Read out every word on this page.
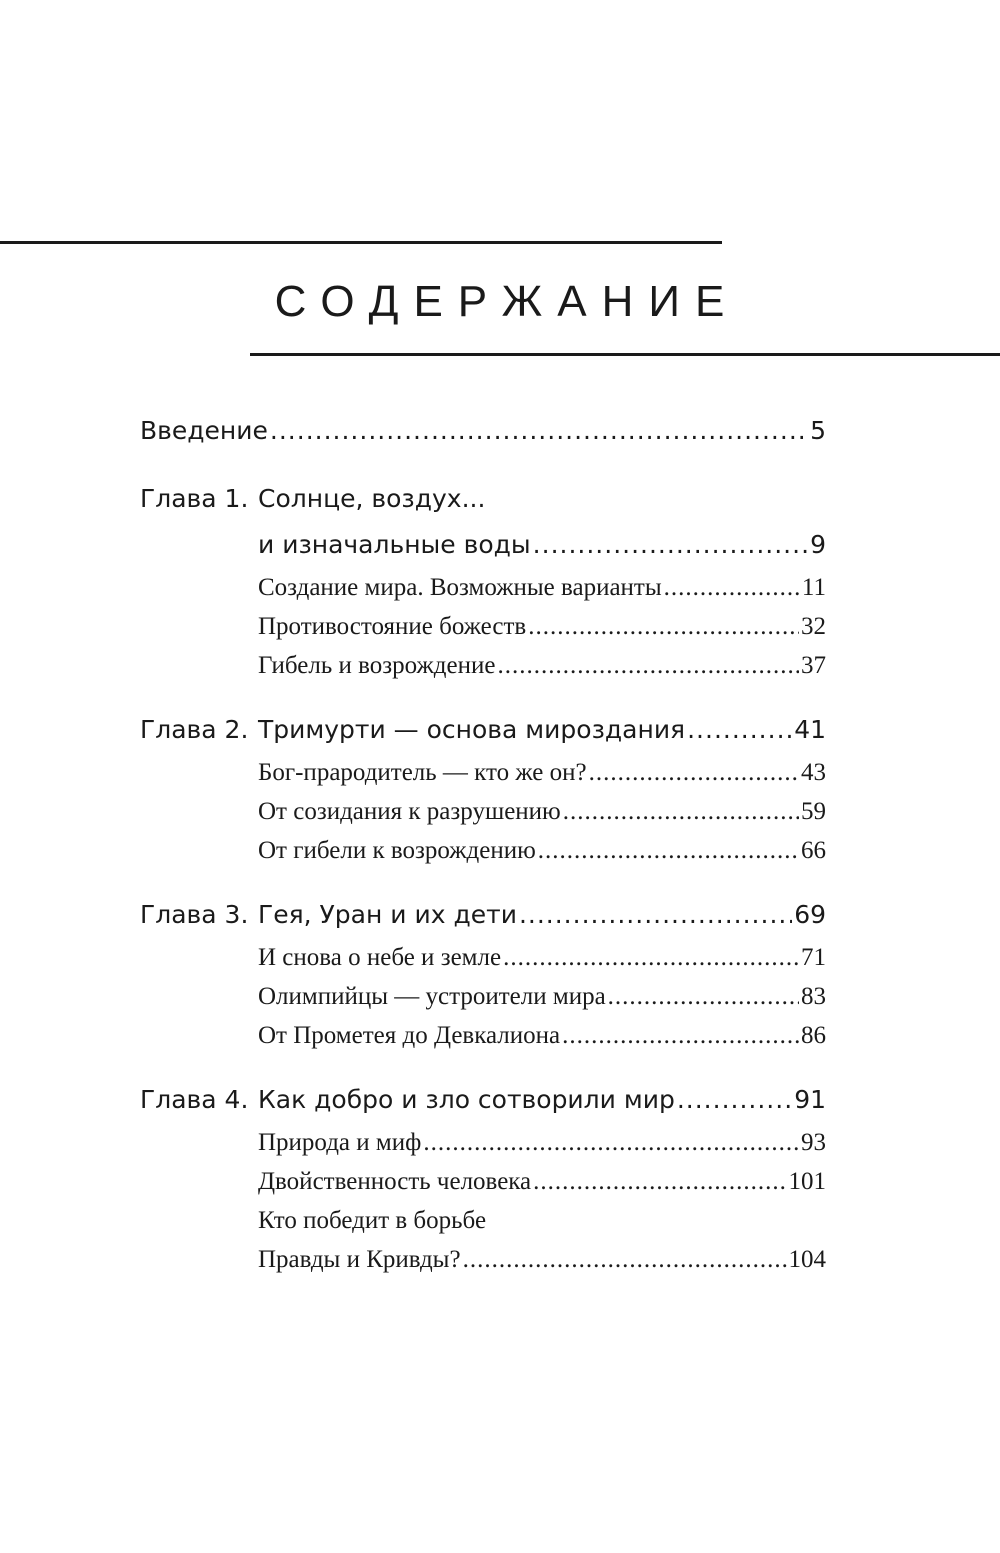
СОДЕРЖАНИЕ
Введение .....	5
Глава 1. Солнце, воздух...
и изначальные воды .....	9
Создание мира. Возможные варианты .....	11
Противостояние божеств .....	32
Гибель и возрождение .....	37
Глава 2. Тримурти — основа мироздания .....	41
Бог-прародитель — кто же он? .....	43
От созидания к разрушению .....	59
От гибели к возрождению .....	66
Глава 3. Гея, Уран и их дети .....	69
И снова о небе и земле .....	71
Олимпийцы — устроители мира .....	83
От Прометея до Девкалиона .....	86
Глава 4. Как добро и зло сотворили мир .....	91
Природа и миф .....	93
Двойственность человека .....	101
Кто победит в борьбе
Правды и Кривды? .....	104
